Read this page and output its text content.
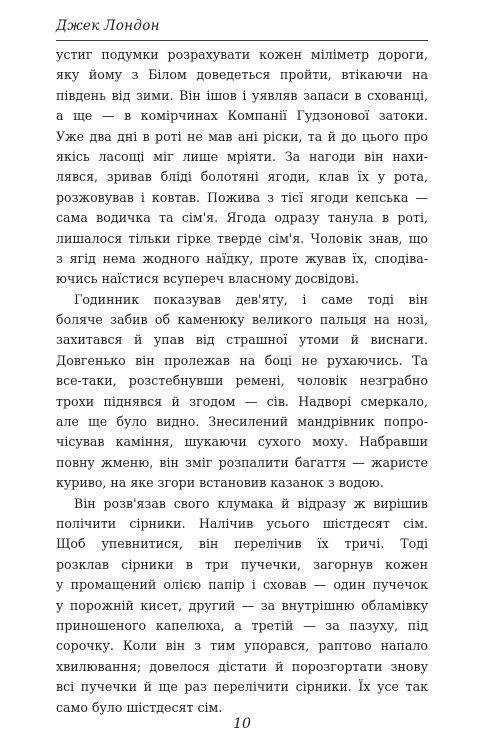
Джек Лондон
устиг подумки розрахувати кожен міліметр дороги,
яку йому з Білом доведеться пройти, втікаючи на
південь від зими. Він ішов і уявляв запаси в схованці,
а ще — в комірчинах Компанії Гудзонової затоки.
Уже два дні в роті не мав ані ріски, та й до цього про
якісь ласощі міг лише мріяти. За нагоди він нахи-
лявся, зривав бліді болотяні ягоди, клав їх у рота,
розжовував і ковтав. Пожива з тієї ягоди кепська —
сама водичка та сім'я. Ягода одразу танула в роті,
лишалося тільки гірке тверде сім'я. Чоловік знав, що
з ягід нема жодного наїдку, проте жував їх, сподіва-
ючись наїстися всупереч власному досвідові.
Годинник показував дев'яту, і саме тоді він
боляче забив об каменюку великого пальця на нозі,
захитався й упав від страшної утоми й виснаги.
Довгенько він пролежав на боці не рухаючись. Та
все-таки, розстебнувши ремені, чоловік незграбно
трохи піднявся й згодом — сів. Надворі смеркало,
але ще було видно. Знесилений мандрівник попро-
чісував каміння, шукаючи сухого моху. Набравши
повну жменю, він зміг розпалити багаття — жаристе
куриво, на яке згори встановив казанок з водою.
Він розв'язав свого клумака й відразу ж вирішив
полічити сірники. Налічив усього шістдесят сім.
Щоб упевнитися, він перелічив їх тричі. Тоді
розклав сірники в три пучечки, загорнув кожен
у промащений олією папір і сховав — один пучечок
у порожній кисет, другий — за внутрішню обламівку
приношеного капелюха, а третій — за пазуху, під
сорочку. Коли він з тим упорався, раптово напало
хвилювання; довелося дістати й порозгортати знову
всі пучечки й ще раз перелічити сірники. Їх усе так
само було шістдесят сім.
10
